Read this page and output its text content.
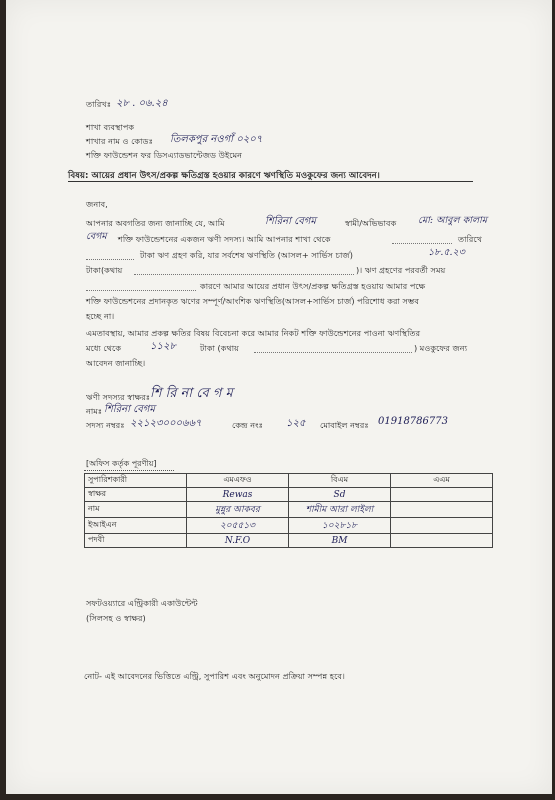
তারিখঃ ২৮ . ০৬.২৪
শাখা ব্যবস্থাপক
শাখার নাম ও কোডঃ তিলকপুর নওগাঁ ০২০৭
শক্তি ফাউন্ডেশন ফর ডিসএ্যাডভান্টেজড উইমেন
বিষয়: আয়ের প্রধান উৎস/প্রকল্প ক্ষতিগ্রস্ত হওয়ার কারণে ঋণস্থিতি মওকুফের জন্য আবেদন।
জনাব,
আপনার অবগতির জন্য জানাচ্ছি যে, আমি	শিরিনা বেগম	স্বামী/অভিভাবক মো: আবুল কালাম
বেগম শক্তি ফাউন্ডেশনের একজন ঋণী সদস্য। আমি আপনার শাখা থেকে	তারিখে
টাকা ঋণ গ্রহণ করি, যার সর্বশেষ ঋণস্থিতি (আসল+ সার্ভিস চার্জ)	১৮.৫.২৩
টাকা(কথায়	)। ঋণ গ্রহণের পরবর্তী সময়
কারণে আমার আয়ের প্রধান উৎস/প্রকল্প ক্ষতিগ্রস্ত হওয়ায় আমার পক্ষে
শক্তি ফাউন্ডেশনের প্রদানকৃত ঋণের সম্পূর্ণ/আংশিক ঋণস্থিতি(আসল+সার্ভিস চার্জ) পরিশোধ করা সম্ভব
হচ্ছে না।
এমতাবস্থায়, আমার প্রকল্প ক্ষতির বিষয় বিবেচনা করে আমার নিকট শক্তি ফাউন্ডেশনের পাওনা ঋণস্থিতির
মধ্যে থেকে	১১২৮	টাকা (কথায়	) মওকুফের জন্য
আবেদন জানাচ্ছি।
ঋণী সদস্যর স্বাক্ষরঃ শি রি না বে গ ম
নামঃ শিরিনা বেগম
সদস্য নম্বরঃ ২২১২৩০০০৬৬৭	কেন্দ্র নংঃ ১২৫ মোবাইল নম্বরঃ 01918786773
[অফিস কর্তৃক পূরণীয়]
সুপারিশকারী	এমএফও	বিএম	এএম
স্বাক্ষর	Rewas	Sd	
নাম	মুন্নুর আকবর	শামীম আরা লাইলা	
ইআইএন	২০৫৫১৩	১০২৮১৮	
পদবী	N.F.O	BM	
সফটওয়্যারে এন্ট্রিকারী একাউন্টেন্ট
(সিলসহ ও স্বাক্ষর)
নোট- এই আবেদনের ভিত্তিতে এন্ট্রি, সুপারিশ এবং অনুমোদন প্রক্রিয়া সম্পন্ন হবে।
